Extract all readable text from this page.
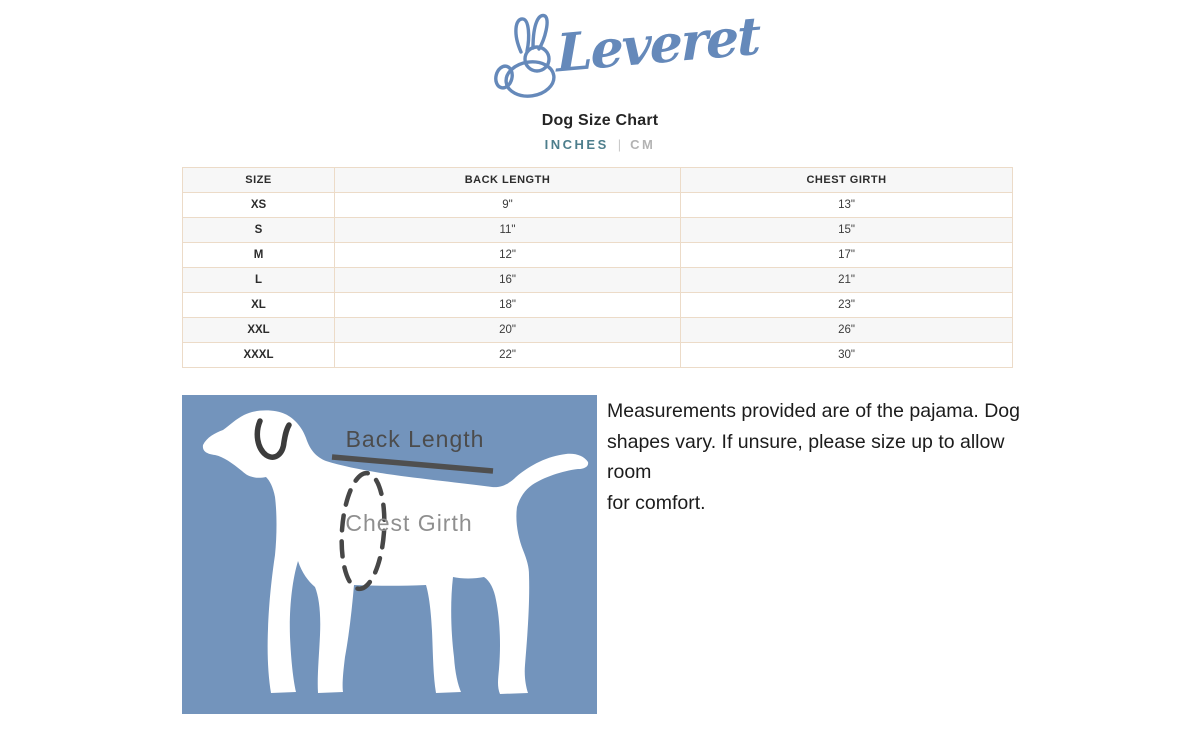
Leveret
Dog Size Chart
INCHES | CM
SIZE	BACK LENGTH	CHEST GIRTH
XS	9"	13"
S	11"	15"
M	12"	17"
L	16"	21"
XL	18"	23"
XXL	20"	26"
XXXL	22"	30"
Back Length
Chest Girth
Measurements provided are of the pajama. Dog
shapes vary. If unsure, please size up to allow room
for comfort.
